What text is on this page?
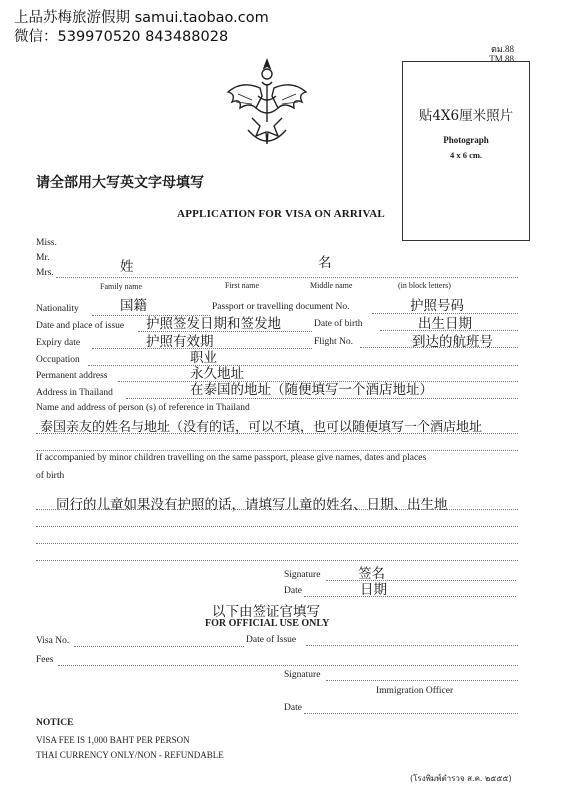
上品苏梅旅游假期 samui.taobao.com
微信：539970520 843488028
ตม.88
TM.88
贴4X6厘米照片
Photograph
4 x 6 cm.
请全部用大写英文字母填写
APPLICATION FOR VISA ON ARRIVAL
Miss.
Mr.
Mrs.	姓	名
Family name	First name	Middle name	(in block letters)
国籍	护照号码
Nationality	Passport or travelling document No.
护照签发日期和签发地	出生日期
Date and place of issue	Date of birth
护照有效期	到达的航班号
Expiry date	Flight No.
职业
Occupation
永久地址
Permanent address
在泰国的地址（随便填写一个酒店地址）
Address in Thailand
Name and address of person (s) of reference in Thailand
泰国亲友的姓名与地址（没有的话，可以不填，也可以随便填写一个酒店地址
If accompanied by minor children travelling on the same passport, please give names, dates and places
of birth
同行的儿童如果没有护照的话，请填写儿童的姓名、日期、出生地
签名
Signature
日期
Date
以下由签证官填写
FOR OFFICIAL USE ONLY
Visa No.	Date of Issue
Fees
Signature
Immigration Officer
Date
NOTICE
VISA FEE IS 1,000 BAHT PER PERSON
THAI CURRENCY ONLY/NON - REFUNDABLE
(โรงพิมพ์ตำรวจ ส.ค. ๒๕๕๕)
